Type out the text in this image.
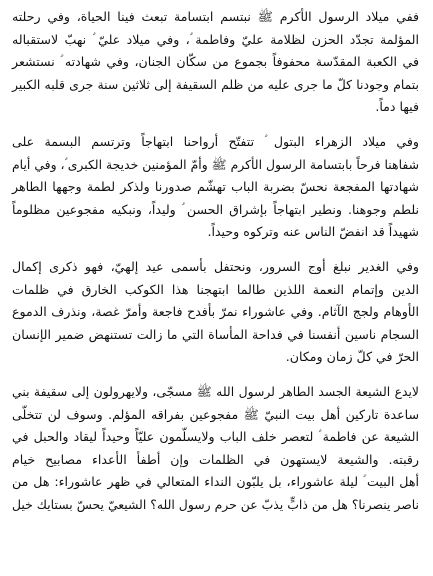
ففي ميلاد الرسول الأكرم ﷺ نبتسم ابتسامة تبعث فينا الحياة، وفي رحلته
المؤلمة تجدّد الحزن لظلامة عليّ وفاطمة ؑ، وفي ميلاد عليّ ؑ نهبّ لاستقباله
في الكعبة المقدّسة محفوفاً بجموع من سكّان الجنان، وفي شهادته ؑ نستشعر
بتمام وجودنا كلّ ما جرى عليه من ظلم السقيفة إلى ثلاثين سنة جرى قلبه الكبير
فيها دماً.
وفي ميلاد الزهراء البتول ؑ تتفتّح أرواحنا ابتهاجاً وترتسم البسمة على
شفاهنا فرحاً بابتسامة الرسول الأكرم ﷺ وأمّ المؤمنين خديجة الكبرى ؑ، وفي أيام
شهادتها المفجعة نحسّ بضربة الباب تهشّم صدورنا ولذكر لطمة وجهها الطاهر
نلطم وجوهنا. ونطير ابتهاجاً بإشراق الحسن ؑ وليداً، ونبكيه مفجوعين مظلوماً
شهيداً قد انفضّ الناس عنه وتركوه وحيداً.
وفي الغدير نبلغ أوج السرور، ونحتفل بأسمى عيد إلهيّ، فهو ذكرى إكمال
الدين وإتمام النعمة اللذين طالما ابتهجنا هذا الكوكب الخارق في ظلمات
الأوهام ولجج الآثام. وفي عاشوراء نمرّ بأفدح فاجعة وأمرّ غصة، ونذرف الدموع
السجام ناسين أنفسنا في فداحة المأساة التي ما زالت تستنهض ضمير الإنسان
الحرّ في كلّ زمان ومكان.
لايدع الشيعة الجسد الطاهر لرسول الله ﷺ مسجّى، ولايهرولون إلى سقيفة بني
ساعدة تاركين أهل بيت النبيّ ﷺ مفجوعين بفراقه المؤلم. وسوف لن تتخلّى
الشيعة عن فاطمة ؑ لتعصر خلف الباب ولايسلّمون عليّاً وحيداً ليقاد والحبل في
رقبته. والشيعة لايستهون في الظلمات وإن أطفأ الأعداء مصابيح خيام
أهل البيت ؑ ليلة عاشوراء، بل يلبّون النداء المتعالي في ظهر عاشوراء: هل من
ناصر ينصرنا؟ هل من ذابٍّ يذبّ عن حرم رسول الله؟ الشيعيّ يحسّ بستايك خيل
